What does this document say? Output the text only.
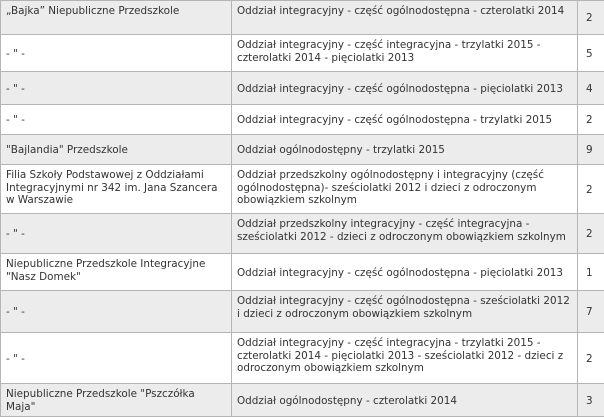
„Bajka” Niepubliczne Przedszkole	Oddział integracyjny - część ogólnodostępna - czterolatki 2014	2
- " -	Oddział integracyjny - część integracyjna - trzylatki 2015 - czterolatki 2014 - pięciolatki 2013	5
- " -	Oddział integracyjny - część ogólnodostępna - pięciolatki 2013	4
- " -	Oddział integracyjny - część ogólnodostępna - trzylatki 2015	2
"Bajlandia" Przedszkole	Oddział ogólnodostępny - trzylatki 2015	9
Filia Szkoły Podstawowej z Oddziałami Integracyjnymi nr 342 im. Jana Szancera w Warszawie	Oddział przedszkolny ogólnodostępny i integracyjny (część ogólnodostępna)- sześciolatki 2012 i dzieci z odroczonym obowiązkiem szkolnym	2
- " -	Oddział przedszkolny integracyjny - część integracyjna - sześciolatki 2012 - dzieci z odroczonym obowiązkiem szkolnym	2
Niepubliczne Przedszkole Integracyjne "Nasz Domek"	Oddział integracyjny - część ogólnodostępna - pięciolatki 2013	1
- " -	Oddział integracyjny - część ogólnodostępna - sześciolatki 2012 i dzieci z odroczonym obowiązkiem szkolnym	7
- " -	Oddział integracyjny - część integracyjna - trzylatki 2015 - czterolatki 2014 - pięciolatki 2013 - sześciolatki 2012 - dzieci z odroczonym obowiązkiem szkolnym	2
Niepubliczne Przedszkole "Pszczółka Maja"	Oddział ogólnodostępny - czterolatki 2014	3
